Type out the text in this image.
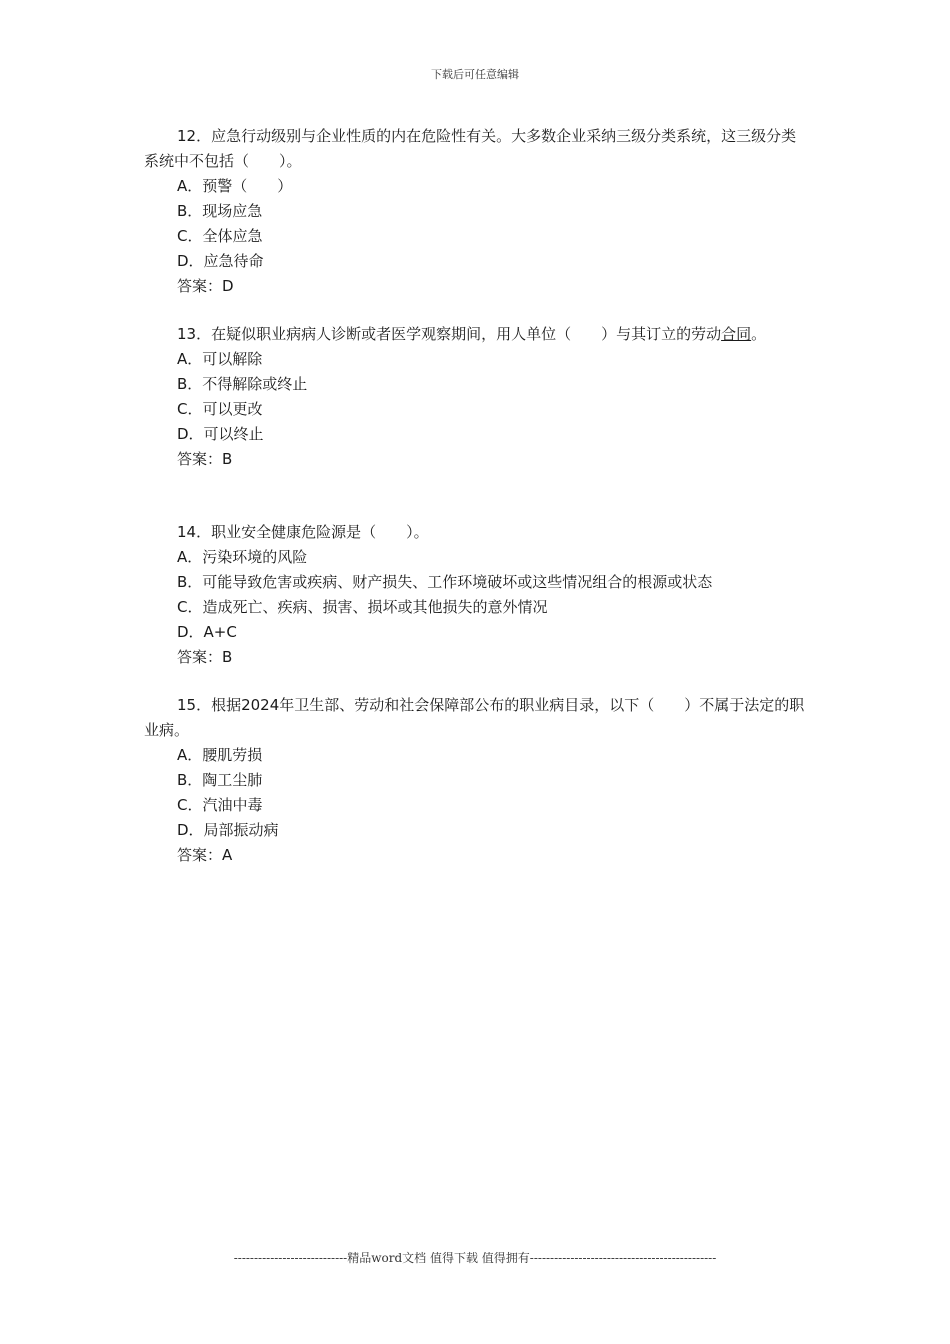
下载后可任意编辑

12．应急行动级别与企业性质的内在危险性有关。大多数企业采纳三级分类系统，这三级分类系统中不包括（　　）。

A．预警（　　）

B．现场应急

C．全体应急

D．应急待命

答案：D

13．在疑似职业病病人诊断或者医学观察期间，用人单位（　　）与其订立的劳动合同。

A．可以解除

B．不得解除或终止

C．可以更改

D．可以终止

答案：B

14．职业安全健康危险源是（　　）。

A．污染环境的风险

B．可能导致危害或疾病、财产损失、工作环境破坏或这些情况组合的根源或状态

C．造成死亡、疾病、损害、损坏或其他损失的意外情况

D．A+C

答案：B

15．根据2024年卫生部、劳动和社会保障部公布的职业病目录，以下（　　）不属于法定的职业病。

A．腰肌劳损

B．陶工尘肺

C．汽油中毒

D．局部振动病

答案：A

----------------------------精品word文档 值得下载 值得拥有----------------------------------------------
